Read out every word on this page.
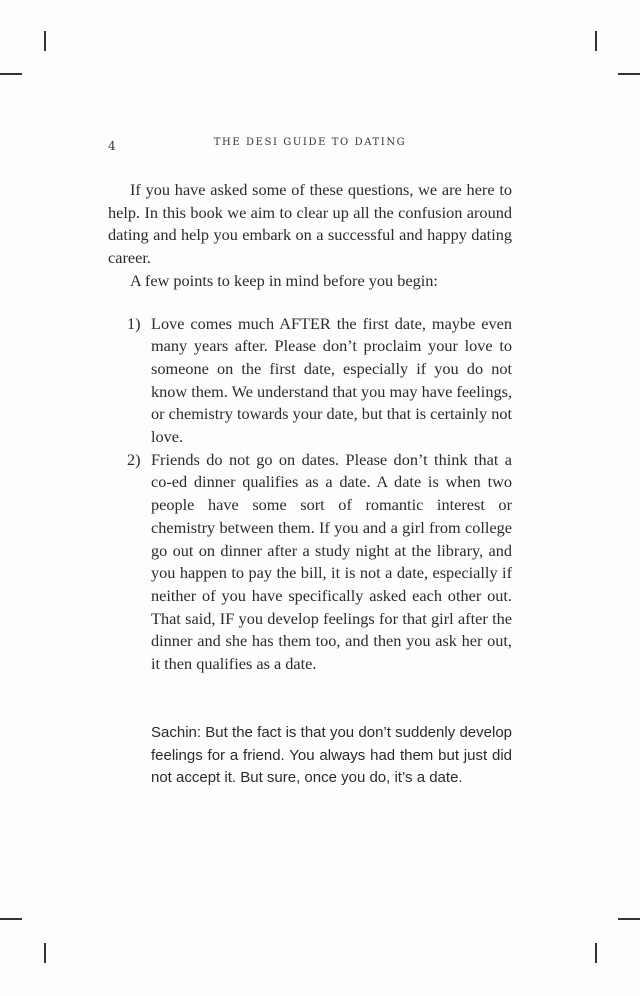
4	THE DESI GUIDE TO DATING

If you have asked some of these questions, we are here to help. In this book we aim to clear up all the confusion around dating and help you embark on a successful and happy dating career.

A few points to keep in mind before you begin:

1) Love comes much AFTER the first date, maybe even many years after. Please don’t proclaim your love to someone on the first date, especially if you do not know them. We understand that you may have feelings, or chemistry towards your date, but that is certainly not love.
2) Friends do not go on dates. Please don’t think that a co-ed dinner qualifies as a date. A date is when two people have some sort of romantic interest or chemistry between them. If you and a girl from college go out on dinner after a study night at the library, and you happen to pay the bill, it is not a date, especially if neither of you have specifically asked each other out. That said, IF you develop feelings for that girl after the dinner and she has them too, and then you ask her out, it then qualifies as a date.

Sachin: But the fact is that you don’t suddenly develop feelings for a friend. You always had them but just did not accept it. But sure, once you do, it’s a date.
